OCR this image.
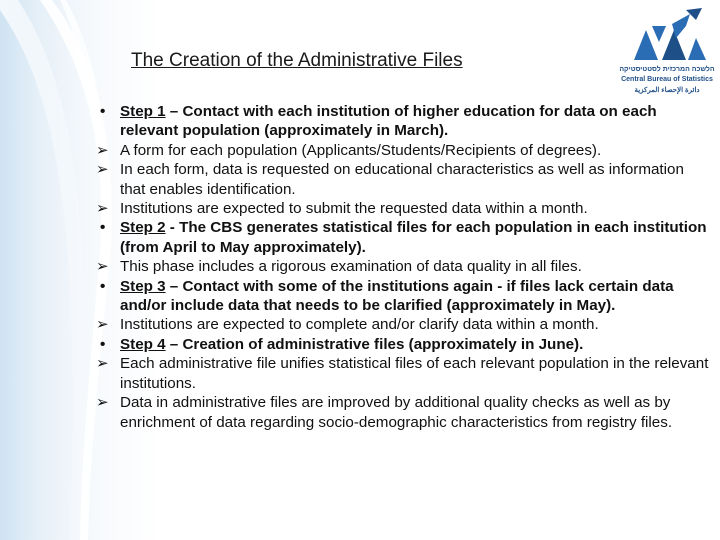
The Creation of the Administrative Files	הלשכה המרכזית לסטטיסטיקה
Central Bureau of Statistics
دائرة الإحصاء المركزية
• Step 1 – Contact with each institution of higher education for data on each relevant population (approximately in March).
➢ A form for each population (Applicants/Students/Recipients of degrees).
➢ In each form, data is requested on educational characteristics as well as information that enables identification.
➢ Institutions are expected to submit the requested data within a month.
• Step 2 - The CBS generates statistical files for each population in each institution (from April to May approximately).
➢ This phase includes a rigorous examination of data quality in all files.
• Step 3 – Contact with some of the institutions again - if files lack certain data and/or include data that needs to be clarified (approximately in May).
➢ Institutions are expected to complete and/or clarify data within a month.
• Step 4 – Creation of administrative files (approximately in June).
➢ Each administrative file unifies statistical files of each relevant population in the relevant institutions.
➢ Data in administrative files are improved by additional quality checks as well as by enrichment of data regarding socio-demographic characteristics from registry files.
